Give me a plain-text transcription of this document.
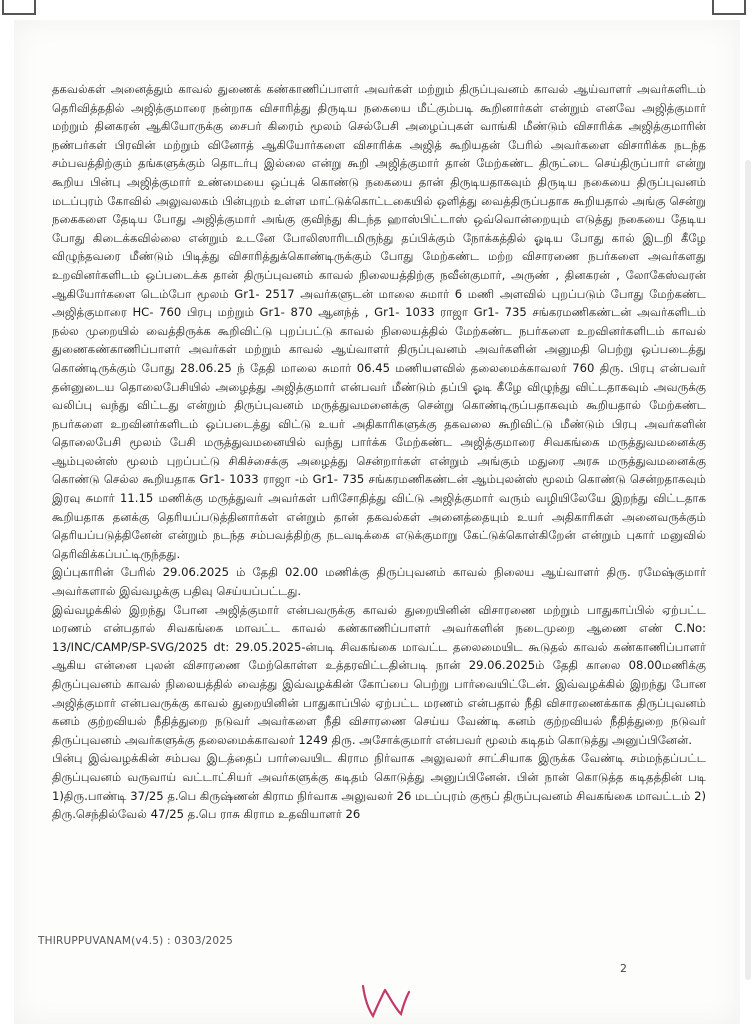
தகவல்கள் அனைத்தும் காவல் துணைக் கண்காணிப்பாளர் அவர்கள் மற்றும் திருப்புவனம் காவல் ஆய்வாளர் அவர்களிடம் தெரிவித்ததில் அஜித்குமாரை நன்றாக விசாரித்து திருடிய நகையை மீட்கும்படி கூறினார்கள் என்றும் எனவே அஜித்குமார் மற்றும் தினகரன் ஆகியோருக்கு சைபர் கிரைம் மூலம் செல்பேசி அழைப்புகள் வாங்கி மீண்டும் விசாரிக்க அஜித்குமாரின் நண்பர்கள் பிரவின் மற்றும் வினோத் ஆகியோர்களை விசாரிக்க அஜித் கூறியதன் பேரில் அவர்களை விசாரிக்க நடந்த சம்பவத்திற்கும் தங்களுக்கும் தொடர்பு இல்லை என்று கூறி அஜித்குமார் தான் மேற்கண்ட திருட்டை செய்திருப்பார் என்று கூறிய பின்பு அஜித்குமார் உண்மையை ஒப்புக் கொண்டு நகையை தான் திருடியதாகவும் திருடிய நகையை திருப்புவனம் மடப்புரம் கோவில் அலுவலகம் பின்புறம் உள்ள மாட்டுக்கொட்டகையில் ஒளித்து வைத்திருப்பதாக கூறியதால் அங்கு சென்று நகைகளை தேடிய போது அஜித்குமார் அங்கு குவிந்து கிடந்த ஹாஸ்பிட்டாஸ் ஒவ்வொன்றையும் எடுத்து நகையை தேடிய போது கிடைக்கவில்லை என்றும் உடனே போலிஸாரிடமிருந்து தப்பிக்கும் நோக்கத்தில் ஓடிய போது கால் இடறி கீழே விழுந்தவரை மீண்டும் பிடித்து விசாரித்துக்கொண்டிருக்கும் போது மேற்கண்ட மற்ற விசாரணை நபர்களை அவர்களது உறவினர்களிடம் ஒப்படைக்க தான் திருப்புவனம் காவல் நிலையத்திற்கு நவீன்குமார், அருண் , தினகரன் , லோகேஸ்வரன் ஆகியோர்களை டெம்போ மூலம் Gr1- 2517 அவர்களுடன் மாலை சுமார் 6 மணி அளவில் புறப்படும் போது மேற்கண்ட அஜித்குமாரை HC- 760 பிரபு மற்றும் Gr1- 870 ஆனந்த் , Gr1- 1033 ராஜா Gr1- 735 சங்கரமணிகண்டன் அவர்களிடம் நல்ல முறையில் வைத்திருக்க கூறிவிட்டு புறப்பட்டு காவல் நிலையத்தில் மேற்கண்ட நபர்களை உறவினர்களிடம் காவல் துணைகண்காணிப்பாளர் அவர்கள் மற்றும் காவல் ஆய்வாளர் திருப்புவனம் அவர்களின் அனுமதி பெற்று ஒப்படைத்து கொண்டிருக்கும் போது 28.06.25 ந் தேதி மாலை சுமார் 06.45 மணியளவில் தலைமைக்காவலர் 760 திரு. பிரபு என்பவர் தன்னுடைய தொலைபேசியில் அழைத்து அஜித்குமார் என்பவர் மீண்டும் தப்பி ஓடி கீழே விழுந்து விட்டதாகவும் அவருக்கு வலிப்பு வந்து விட்டது என்றும் திருப்புவனம் மருத்துவமனைக்கு சென்று கொண்டிருப்பதாகவும் கூறியதால் மேற்கண்ட நபர்களை உறவினர்களிடம் ஒப்படைத்து விட்டு உயர் அதிகாரிகளுக்கு தகவலை கூறிவிட்டு மீண்டும் பிரபு அவர்களின் தொலைபேசி மூலம் பேசி மருத்துவமனையில் வந்து பார்க்க மேற்கண்ட அஜித்குமாரை சிவகங்கை மருத்துவமனைக்கு ஆம்புலன்ஸ் மூலம் புறப்பட்டு சிகிச்சைக்கு அழைத்து சென்றார்கள் என்றும் அங்கும் மதுரை அரசு மருத்துவமனைக்கு கொண்டு செல்ல கூறியதாக Gr1- 1033 ராஜா -ம் Gr1- 735 சங்கரமணிகண்டன் ஆம்புலன்ஸ் மூலம் கொண்டு சென்றதாகவும் இரவு சுமார் 11.15 மணிக்கு மருத்துவர் அவர்கள் பரிசோதித்து விட்டு அஜித்குமார் வரும் வழியிலேயே இறந்து விட்டதாக கூறியதாக தனக்கு தெரியப்படுத்தினார்கள் என்றும் தான் தகவல்கள் அனைத்தையும் உயர் அதிகாரிகள் அனைவருக்கும் தெரியப்படுத்தினேன் என்றும் நடந்த சம்பவத்திற்கு நடவடிக்கை எடுக்குமாறு கேட்டுக்கொள்கிறேன் என்றும் புகார் மனுவில் தெரிவிக்கப்பட்டிருந்தது.

இப்புகாரின் பேரில் 29.06.2025 ம் தேதி 02.00 மணிக்கு திருப்புவனம் காவல் நிலைய ஆய்வாளர் திரு. ரமேஷ்குமார் அவர்களால் இவ்வழக்கு பதிவு செய்யப்பட்டது.

இவ்வழக்கில் இறந்து போன அஜித்குமார் என்பவருக்கு காவல் துறையினின் விசாரணை மற்றும் பாதுகாப்பில் ஏற்பட்ட மரணம் என்பதால் சிவகங்கை மாவட்ட காவல் கண்காணிப்பாளர் அவர்களின் நடைமுறை ஆணை எண் C.No: 13/INC/CAMP/SP-SVG/2025 dt: 29.05.2025-ன்படி சிவகங்கை மாவட்ட தலைமையிட கூடுதல் காவல் கண்காணிப்பாளர் ஆகிய என்னை புலன் விசாரணை மேற்கொள்ள உத்தரவிட்டதின்படி நான் 29.06.2025ம் தேதி காலை 08.00மணிக்கு திருப்புவனம் காவல் நிலையத்தில் வைத்து இவ்வழக்கின் கோப்பை பெற்று பார்வையிட்டேன். இவ்வழக்கில் இறந்து போன அஜித்குமார் என்பவருக்கு காவல் துறையினின் பாதுகாப்பில் ஏற்பட்ட மரணம் என்பதால் நீதி விசாரணைக்காக திருப்புவனம் கனம் குற்றவியல் நீதித்துறை நடுவர் அவர்களை நீதி விசாரணை செய்ய வேண்டி கனம் குற்றவியல் நீதித்துறை நடுவர் திருப்புவனம் அவர்களுக்கு தலைமைக்காவலர் 1249 திரு. அசோக்குமார் என்பவர் மூலம் கடிதம் கொடுத்து அனுப்பினேன்.

பின்பு இவ்வழக்கின் சம்பவ இடத்தைப் பார்வையிட கிராம நிர்வாக அலுவலர் சாட்சியாக இருக்க வேண்டி சம்மந்தப்பட்ட திருப்புவனம் வருவாய் வட்டாட்சியர் அவர்களுக்கு கடிதம் கொடுத்து அனுப்பினேன். பின் நான் கொடுத்த கடிதத்தின் படி 1)திரு.பாண்டி 37/25 த.பெ கிருஷ்ணன் கிராம நிர்வாக அலுவலர் 26 மடப்புரம் குரூப் திருப்புவனம் சிவகங்கை மாவட்டம் 2) திரு.செந்தில்வேல் 47/25 த.பெ ராசு கிராம உதவியாளர் 26

THIRUPPUVANAM(v4.5) : 0303/2025
2
